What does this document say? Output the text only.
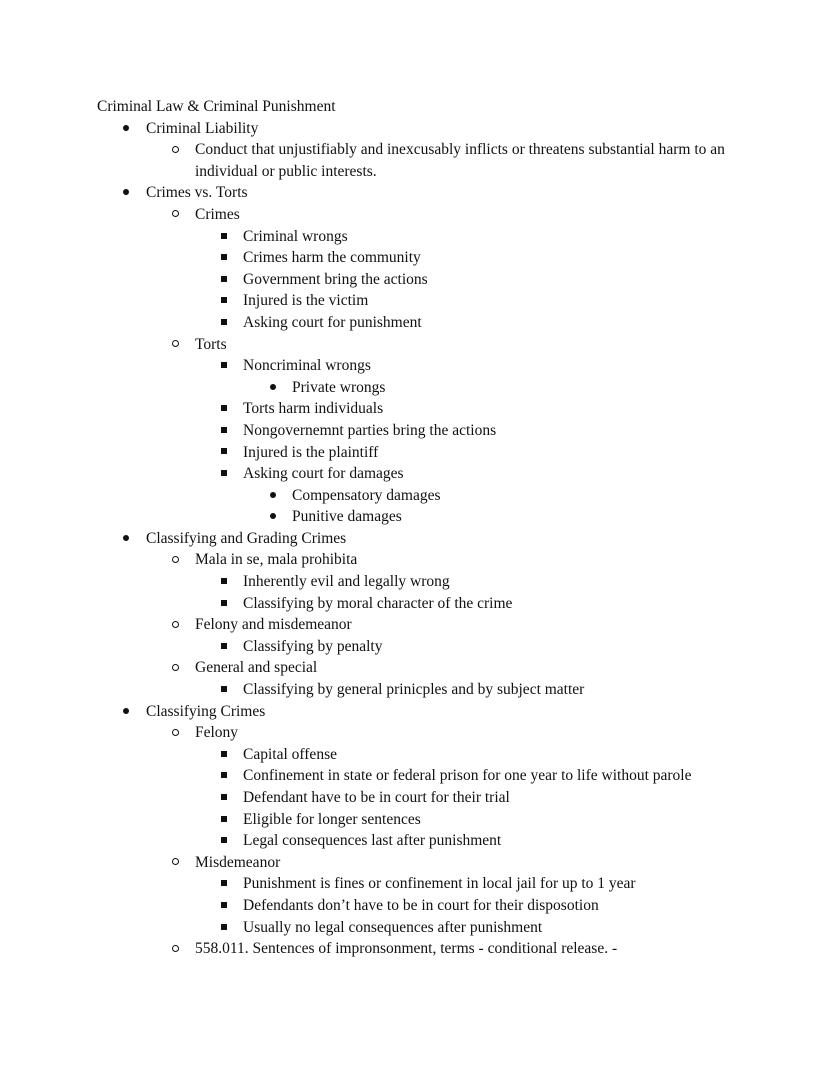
Criminal Law & Criminal Punishment
Criminal Liability
Conduct that unjustifiably and inexcusably inflicts or threatens substantial harm to an individual or public interests.
Crimes vs. Torts
Crimes
Criminal wrongs
Crimes harm the community
Government bring the actions
Injured is the victim
Asking court for punishment
Torts
Noncriminal wrongs
Private wrongs
Torts harm individuals
Nongovernemnt parties bring the actions
Injured is the plaintiff
Asking court for damages
Compensatory damages
Punitive damages
Classifying and Grading Crimes
Mala in se, mala prohibita
Inherently evil and legally wrong
Classifying by moral character of the crime
Felony and misdemeanor
Classifying by penalty
General and special
Classifying by general prinicples and by subject matter
Classifying Crimes
Felony
Capital offense
Confinement in state or federal prison for one year to life without parole
Defendant have to be in court for their trial
Eligible for longer sentences
Legal consequences last after punishment
Misdemeanor
Punishment is fines or confinement in local jail for up to 1 year
Defendants don’t have to be in court for their disposotion
Usually no legal consequences after punishment
558.011. Sentences of impronsonment, terms - conditional release. -
